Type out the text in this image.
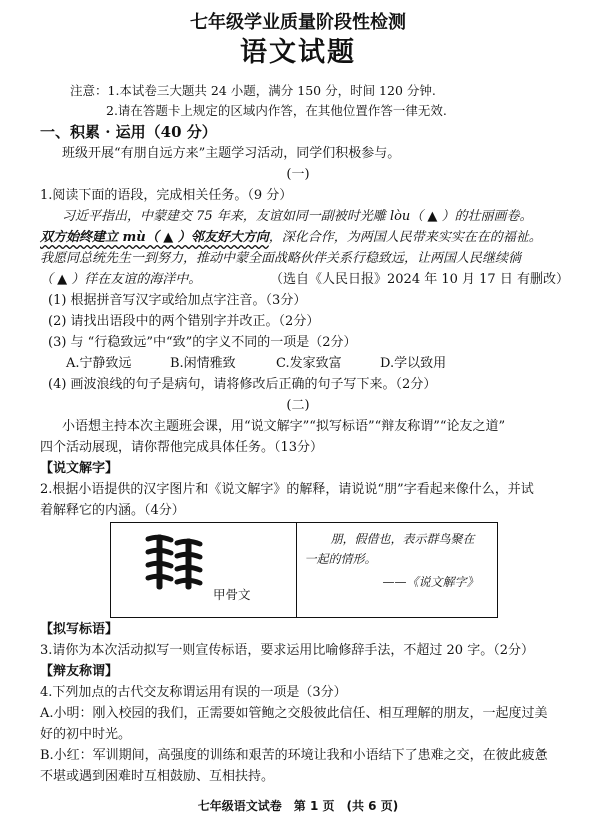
七年级学业质量阶段性检测
语文试题
注意：1.本试卷三大题共 24 小题，满分 150 分，时间 120 分钟.
2.请在答题卡上规定的区域内作答，在其他位置作答一律无效.
一、积累 · 运用（40 分）
班级开展“有朋自远方来”主题学习活动，同学们积极参与。
(一)
1.阅读下面的语段，完成相关任务。（9 分）
习近平指出，中蒙建交 75 年来，友谊如同一副被时光雕 lòu（ ▲ ）的壮丽画卷。
双方始终建立 mù（ ▲ ）邻友好大方向，深化合作，为两国人民带来实实在在的福祉。
我愿同总统先生一到努力，推动中蒙全面战略伙伴关系行稳致远，让两国人民继续徜
（ ▲ ）徉在友谊的海洋中。	（选自《人民日报》2024 年 10 月 17 日 有删改）
(1) 根据拼音写汉字或给加点字注音。（3分）
(2) 请找出语段中的两个错别字并改正。（2分）
(3) 与 “行稳致远”中“致”的字义不同的一项是（2分）
A.宁静致远	B.闲情雅致	C.发家致富	D.学以致用
(4) 画波浪线的句子是病句，请将修改后正确的句子写下来。（2分）
(二)
小语想主持本次主题班会课，用“说文解字”“拟写标语”“辩友称谓”“论友之道”
四个活动展现，请你帮他完成具体任务。（13分）
【说文解字】
2.根据小语提供的汉字图片和《说文解字》的解释，请说说“朋”字看起来像什么，并试
着解释它的内涵。（4分）
甲骨文

朋，假借也，表示群鸟聚在
一起的情形。
——《说文解字》
【拟写标语】
3.请你为本次活动拟写一则宣传标语，要求运用比喻修辞手法，不超过 20 字。（2分）
【辩友称谓】
4.下列加点的古代交友称谓运用有误的一项是（3分）
A.小明：刚入校园的我们，正需要如管鲍之交般彼此信任、相互理解的朋友，一起度过美
好的初中时光。
B.小红：军训期间，高强度的训练和艰苦的环境让我和小语结下了患难之交，在彼此疲惫
不堪或遇到困难时互相鼓励、互相扶持。
七年级语文试卷　第 1 页　(共 6 页)
